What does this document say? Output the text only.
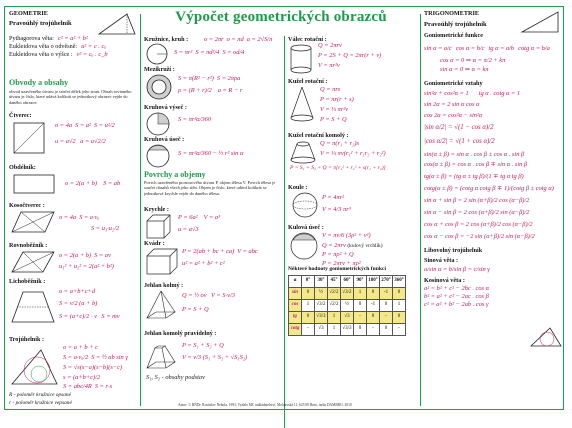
Výpočet geometrických obrazců
GEOMETRIE
Pravoúhlý trojúhelník
Pythagorova věta: c² = a² + b²
Eukleidova věta o odvěsně: a² = c . cₐ
Eukleidova věta o výšce : v² = cₐ . c_b
Obvody a obsahy
obvod uzavřeného útvaru je součet délek jeho stran. Obsah rovinného útvaru je číslo, které udává kolikrát se jednotkový obrazec vejde do daného obrazce.
Čtverec:
o = 4a S = a² S = u²/2
u = a√2 a = u√2/2
Obdélník:
o = 2(a + b) S = ab
Kosočtverec :
o = 4a S = a·vₐ
S = u₁·u₂/2
Rovnoběžník :
o = 2(a + b) S = av
u₁² + u₂² = 2(a² + b²)
Lichoběžník :
o = a+b+c+d
S = v/2 (a + b)
S = (a+c)/2 · v S = mv
Trojúhelník :
o = a + b + c
S = a·vₐ/2 S = ½ ab sin γ
S = √s(s−a)(s−b)(s−c)
s = (a+b+c)/2
S = abc/4R S = r·s
R - poloměr kružnice opsané
r - poloměr kružnice vepsané
Kružnice, kruh :	o = 2πr o = πd a = 2√S/π
S = πr² S = πd²/4 S = od/4
Mezikruží :
S = π(R² − r²) S = 2πρa
ρ = (R + r)/2 a = R − r
Kruhová výseč :
S = πr²α/360
Kruhová úseč :
S = πr²α/360 − ½ r² sin α
Povrchy a objemy
Povrch uzavřeného prostorového útvaru P, objem tělesa V. Povrch tělesa je součet obsahů všech jeho stěn. Objem je číslo, které udává kolikrát se jednotková krychle vejde do daného tělesa.
Krychle :
P = 6a² V = a³
u = a√3
Kvádr :
P = 2(ab + bc + ca) V = abc
u² = a² + b² + c²
Jehlan kolmý :
Q = ½ ov V = S·v/3
P = S + Q
Jehlan komolý pravidelný :
P = S₁ + S₂ + Q
V = v/3 (S₁ + S₂ + √S₁S₂)
S₁, S₂ - obsahy podstav
Válec rotační :
Q = 2πrv
P = 2S + Q = 2πr(r + v)
V = πr²v
Kužel rotační :
Q = πrs
P = πr(r + s)
V = ⅓ πr²v
P = S + Q
Kužel rotační komolý :
Q = π(r₁ + r₂)s
V = ⅓ πv(r₁² + r₁r₂ + r₂²)
P = S₁ + S₂ + Q = π[r₁² + r₂² + s(r₁ + r₂)]
Koule :
P = 4πr²
V = 4/3 πr³
Kulová úseč :
V = πv/6 (3ρ² + v²)
Q = 2πrv (kulový vrchlík)
P = πρ² + Q
P = 2πrv + πρ²
Některé hodnoty goniometrických funkcí
α	0°	30°	45°	60°	90°	180°	270°	360°
sin	0	½	√2/2	√3/2	1	0	-1	0
cos	1	√3/2	√2/2	½	0	-1	0	1
tg	0	√3/3	1	√3	-	0	-	0
cotg	-	√3	1	√3/3	0	-	0	-
TRIGONOMETRIE
Pravoúhlý trojúhelník
Goniometrické funkce
sin α = a/c cos α = b/c tg α = a/b cotg α = b/a
cos α = 0 ⇒ α = π/2 + kπ
sin α = 0 ⇒ α = kπ
Goniometrické vztahy
sin²α + cos²α = 1 tg α . cotg α = 1
sin 2α = 2 sin α cos α
cos 2α = cos²α − sin²α
|sin α/2| = √(1 − cos α)/2
|cos α/2| = √(1 + cos α)/2
sin(α ± β) = sin α . cos β ± cos α . sin β
cos(α ± β) = cos α . cos β ∓ sin α . sin β
tg(α ± β) = (tg α ± tg β)/(1 ∓ tg α tg β)
cotg(α ± β) = (cotg α cotg β ∓ 1)/(cotg β ± cotg α)
sin α + sin β = 2 sin (α+β)/2 cos (α−β)/2
sin α − sin β = 2 cos (α+β)/2 sin (α−β)/2
cos α + cos β = 2 cos (α+β)/2 cos (α−β)/2
cos α − cos β = −2 sin (α+β)/2 sin (α−β)/2
Libovolný trojúhelník
Sinová věta :
a/sin α = b/sin β = c/sin γ
Kosinová věta :
a² = b² + c² − 2bc . cos α
b² = a² + c² − 2ac . cos β
c² = a² + b² − 2ab . cos γ
Autor: © RNDr. Rostislav Nebola, 1993, Vydalo MC nakladatelství, Moldavská 11, 625 00 Brno, tarba DAMBRO, 2010
